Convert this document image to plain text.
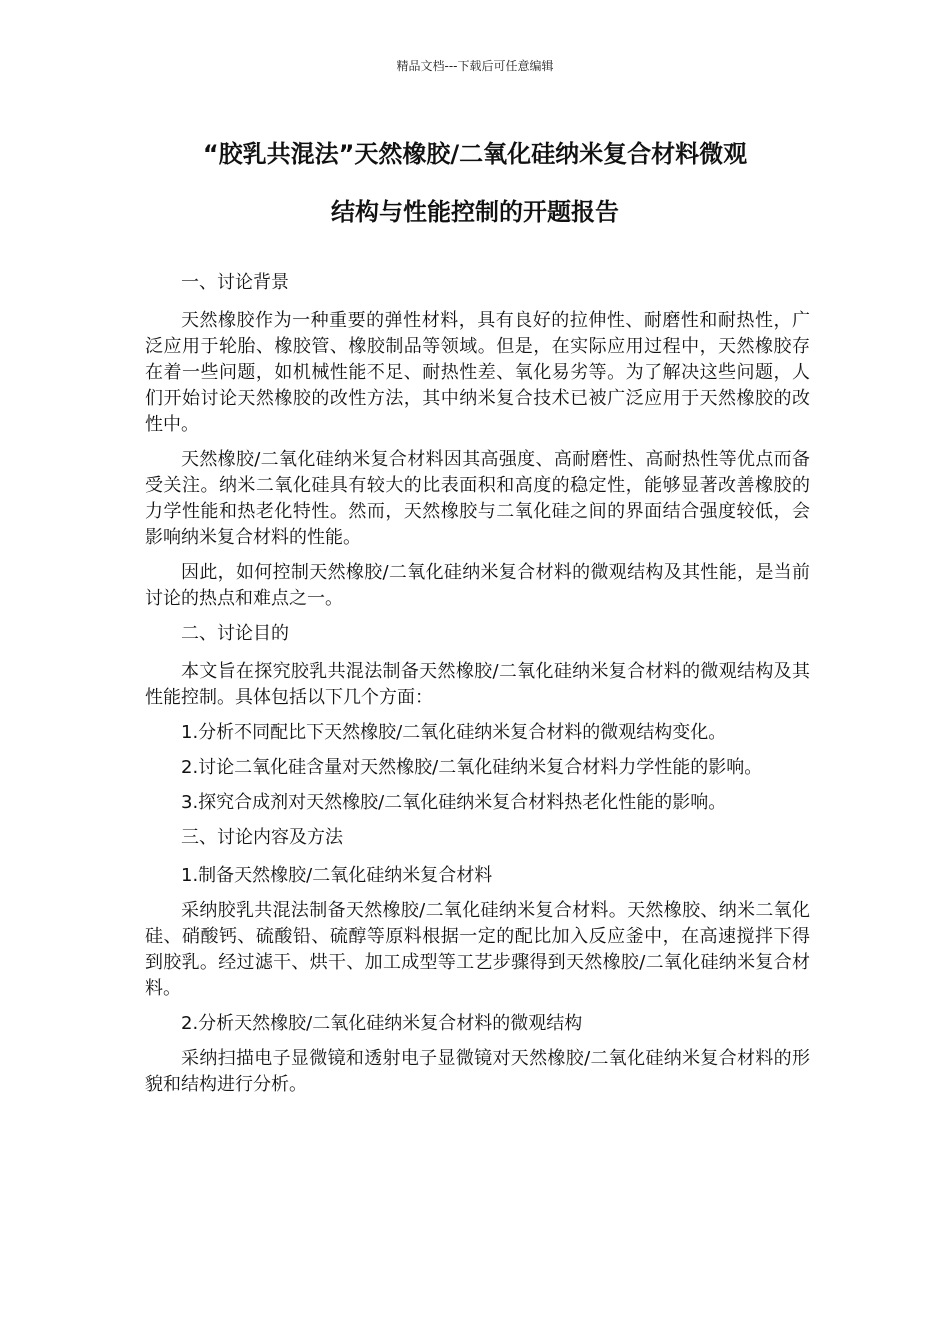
精品文档---下载后可任意编辑
“胶乳共混法”天然橡胶/二氧化硅纳米复合材料微观
结构与性能控制的开题报告

一、讨论背景

天然橡胶作为一种重要的弹性材料，具有良好的拉伸性、耐磨性和耐热性，广泛应用于轮胎、橡胶管、橡胶制品等领域。但是，在实际应用过程中，天然橡胶存在着一些问题，如机械性能不足、耐热性差、氧化易劣等。为了解决这些问题，人们开始讨论天然橡胶的改性方法，其中纳米复合技术已被广泛应用于天然橡胶的改性中。

天然橡胶/二氧化硅纳米复合材料因其高强度、高耐磨性、高耐热性等优点而备受关注。纳米二氧化硅具有较大的比表面积和高度的稳定性，能够显著改善橡胶的力学性能和热老化特性。然而，天然橡胶与二氧化硅之间的界面结合强度较低，会影响纳米复合材料的性能。

因此，如何控制天然橡胶/二氧化硅纳米复合材料的微观结构及其性能，是当前讨论的热点和难点之一。

二、讨论目的

本文旨在探究胶乳共混法制备天然橡胶/二氧化硅纳米复合材料的微观结构及其性能控制。具体包括以下几个方面：

1.分析不同配比下天然橡胶/二氧化硅纳米复合材料的微观结构变化。

2.讨论二氧化硅含量对天然橡胶/二氧化硅纳米复合材料力学性能的影响。

3.探究合成剂对天然橡胶/二氧化硅纳米复合材料热老化性能的影响。

三、讨论内容及方法

1.制备天然橡胶/二氧化硅纳米复合材料

采纳胶乳共混法制备天然橡胶/二氧化硅纳米复合材料。天然橡胶、纳米二氧化硅、硝酸钙、硫酸铅、硫醇等原料根据一定的配比加入反应釜中，在高速搅拌下得到胶乳。经过滤干、烘干、加工成型等工艺步骤得到天然橡胶/二氧化硅纳米复合材料。

2.分析天然橡胶/二氧化硅纳米复合材料的微观结构

采纳扫描电子显微镜和透射电子显微镜对天然橡胶/二氧化硅纳米复合材料的形貌和结构进行分析。
